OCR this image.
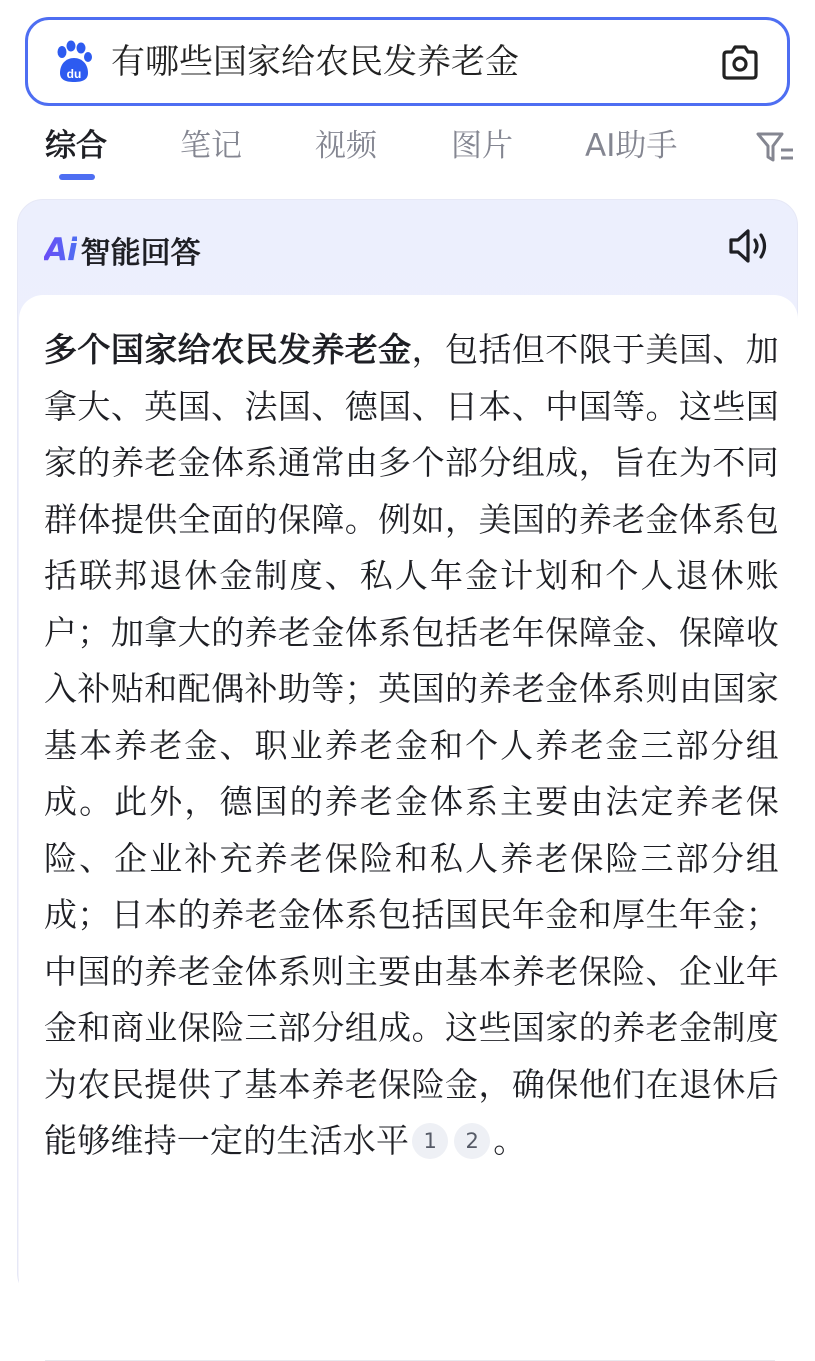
du 有哪些国家给农民发养老金
综合 笔记 视频 图片 AI助手
Ai 智能回答
多个国家给农民发养老金，包括但不限于美国、加拿大、英国、法国、德国、日本、中国等。这些国家的养老金体系通常由多个部分组成，旨在为不同群体提供全面的保障。例如，美国的养老金体系包括联邦退休金制度、私人年金计划和个人退休账户；加拿大的养老金体系包括老年保障金、保障收入补贴和配偶补助等；英国的养老金体系则由国家基本养老金、职业养老金和个人养老金三部分组成。此外，德国的养老金体系主要由法定养老保险、企业补充养老保险和私人养老保险三部分组成；日本的养老金体系包括国民年金和厚生年金；中国的养老金体系则主要由基本养老保险、企业年金和商业保险三部分组成。这些国家的养老金制度为农民提供了基本养老保险金，确保他们在退休后能够维持一定的生活水平 1 2 。
